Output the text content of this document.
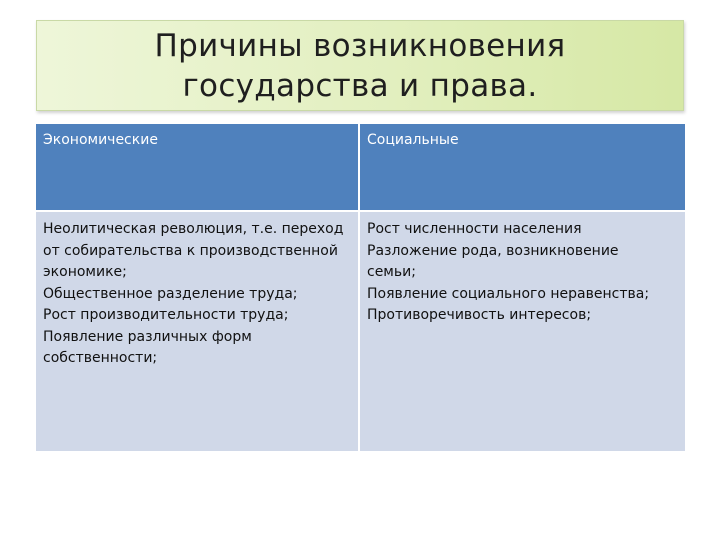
Причины возникновения
государства и права.
Экономические	Социальные
Неолитическая революция, т.е. переход
от собирательства к производственной
экономике;
Общественное разделение труда;
Рост производительности труда;
Появление различных форм
собственности;
Рост численности населения
Разложение рода, возникновение
семьи;
Появление социального неравенства;
Противоречивость интересов;
